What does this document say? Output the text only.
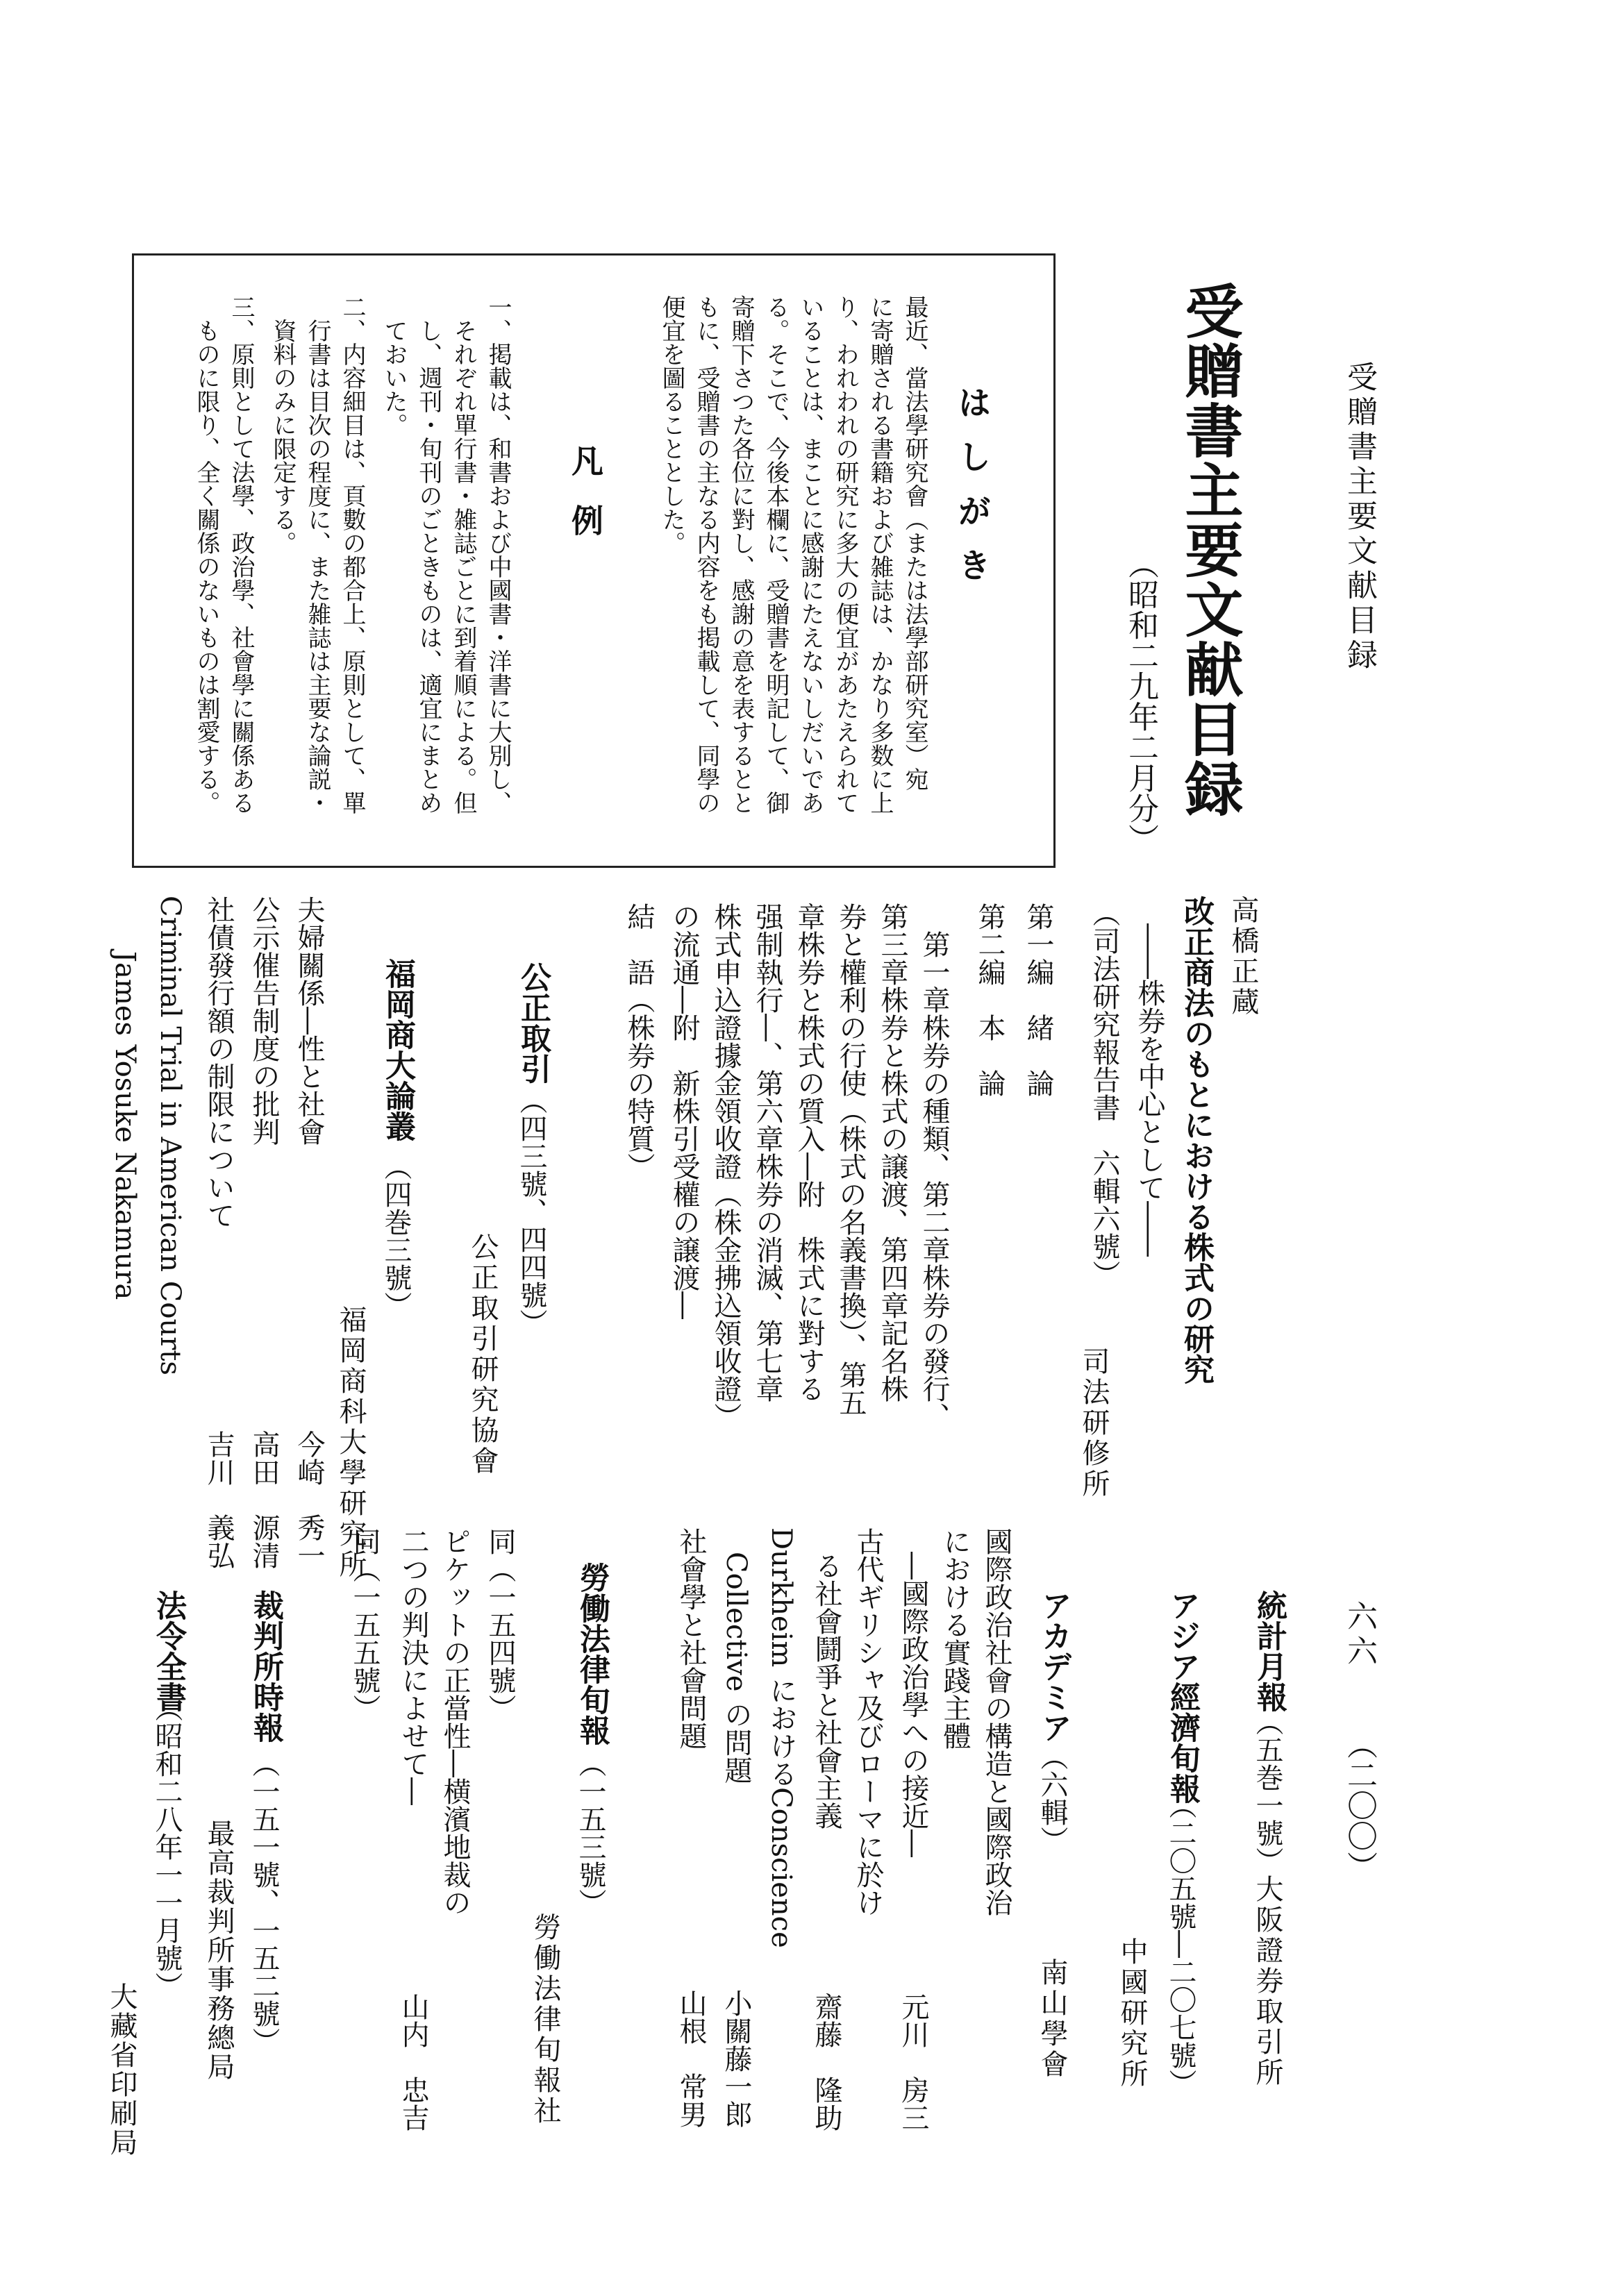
受贈書主要文献目録
六六
（二〇〇）
受贈書主要文献目録
（昭和二九年二月分）
はしがき
最近、當法學研究會（または法學部研究室）宛
に寄贈される書籍および雑誌は、かなり多数に上
り、われわれの研究に多大の便宜があたえられて
いることは、まことに感謝にたえないしだいであ
る。そこで、今後本欄に、受贈書を明記して、御
寄贈下さつた各位に對し、感謝の意を表するとと
もに、受贈書の主なる内容をも掲載して、同學の
便宜を圖ることとした。
凡例
一、掲載は、和書および中國書・洋書に大別し、
　それぞれ單行書・雑誌ごとに到着順による。但
　し、週刊・旬刊のごときものは、適宜にまとめ
　ておいた。
二、内容細目は、頁數の都合上、原則として、單
　行書は目次の程度に、また雑誌は主要な論説・
　資料のみに限定する。
三、原則として法學、政治學、社會學に關係ある
　ものに限り、全く關係のないものは割愛する。
高橋正蔵
改正商法のもとにおける株式の研究
――株券を中心として――
（司法研究報告書　六輯六號）
司法研修所
第一編　緒　論
第二編　本　論
　第一章株券の種類、第二章株券の發行、
第三章株券と株式の譲渡、第四章記名株
券と權利の行使（株式の名義書換）、第五
章株券と株式の質入―附　株式に對する
强制執行―、第六章株券の消滅、第七章
株式申込證據金領收證（株金拂込領收證）
の流通―附　新株引受權の譲渡―
結　語（株券の特質）
公正取引
（四三號、四四號）
公正取引研究協會
福岡商大論叢
（四巻三號）
福岡商科大學研究所
夫婦關係―性と社會
今崎　秀一
公示催告制度の批判
高田　源清
社債發行額の制限について
吉川　義弘
Criminal Trial in American Courts
James Yosuke Nakamura
統計月報
（五巻一號）
大阪證券取引所
アジア經濟旬報
（二〇五號―二〇七號）
中國研究所
アカデミア
（六輯）
南山學會
國際政治社會の構造と國際政治
における實踐主體
―國際政治學への接近―
元川　房三
古代ギリシャ及びローマに於け
る社會鬪爭と社會主義
齋藤　隆助
Durkheim におけるConscience
Collective の問題
小關藤一郎
社會學と社會問題
山根　常男
勞働法律旬報
（一五三號）
勞働法律旬報社
同（一五四號）
ピケットの正當性―横濱地裁の
二つの判決によせて―
山内　忠吉
同（一五五號）
裁判所時報
（一五一號、一五二號）
最高裁判所事務總局
法令全書
（昭和二八年一一月號）
大藏省印刷局
